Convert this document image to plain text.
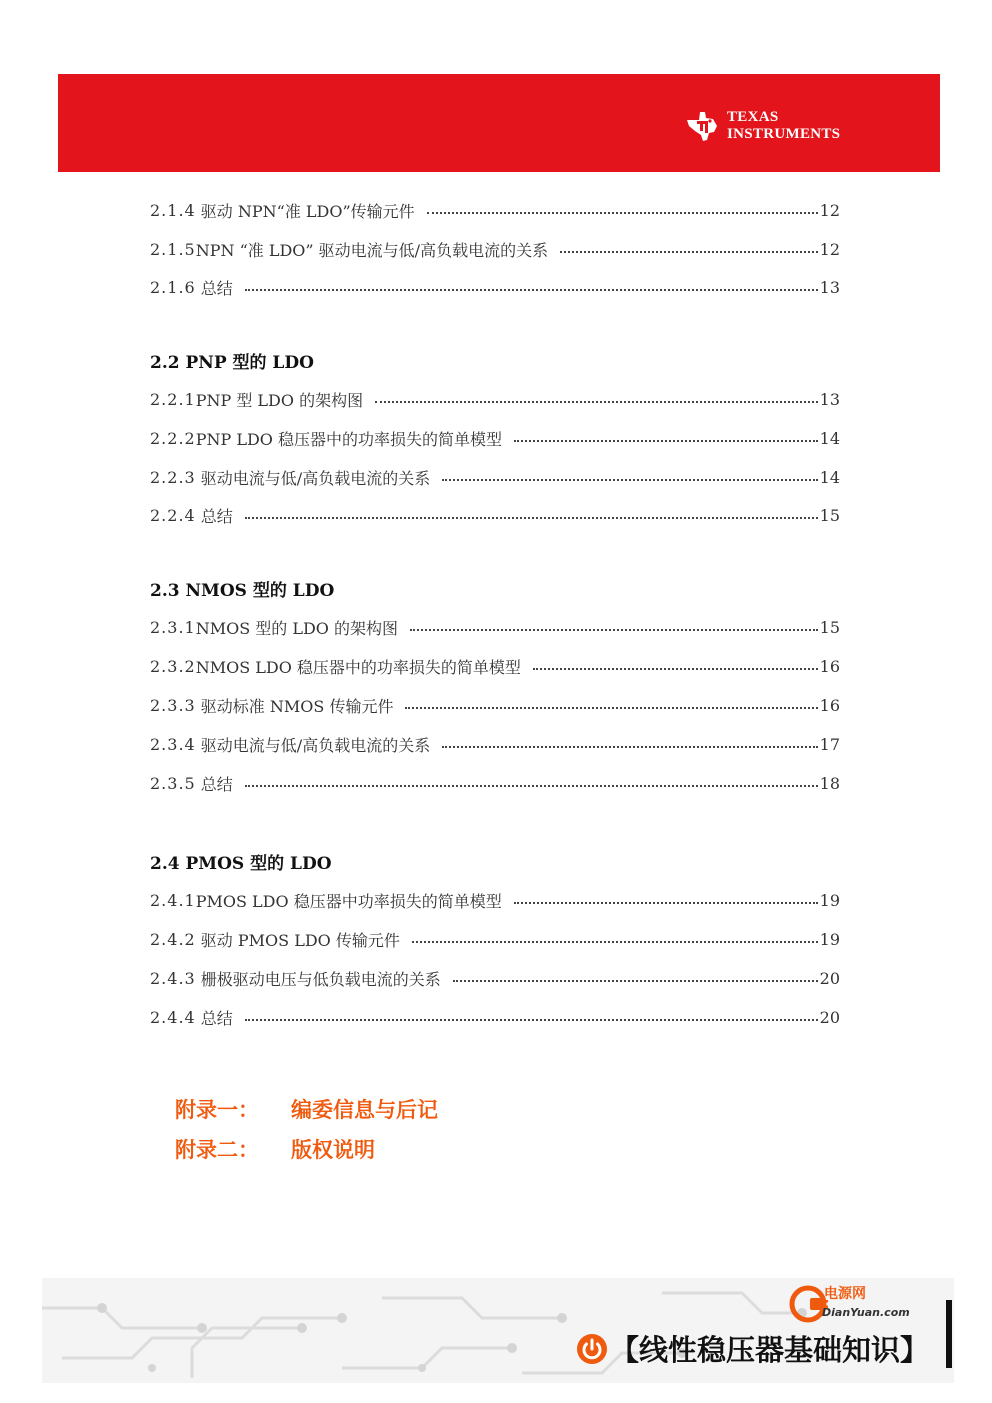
TEXAS
INSTRUMENTS
2.1.4 驱动 NPN“准 LDO”传输元件	12
2.1.5 NPN “准 LDO” 驱动电流与低/高负载电流的关系	12
2.1.6 总结	13
2.2 PNP 型的 LDO
2.2.1 PNP 型 LDO 的架构图	13
2.2.2 PNP LDO 稳压器中的功率损失的简单模型	14
2.2.3 驱动电流与低/高负载电流的关系	14
2.2.4 总结	15
2.3 NMOS 型的 LDO
2.3.1 NMOS 型的 LDO 的架构图	15
2.3.2 NMOS LDO 稳压器中的功率损失的简单模型	16
2.3.3 驱动标准 NMOS 传输元件	16
2.3.4 驱动电流与低/高负载电流的关系	17
2.3.5 总结	18
2.4 PMOS 型的 LDO
2.4.1 PMOS LDO 稳压器中功率损失的简单模型	19
2.4.2 驱动 PMOS LDO 传输元件	19
2.4.3 栅极驱动电压与低负载电流的关系	20
2.4.4 总结	20
附录一： 编委信息与后记
附录二： 版权说明
电源网
DianYuan.com
【线性稳压器基础知识】
